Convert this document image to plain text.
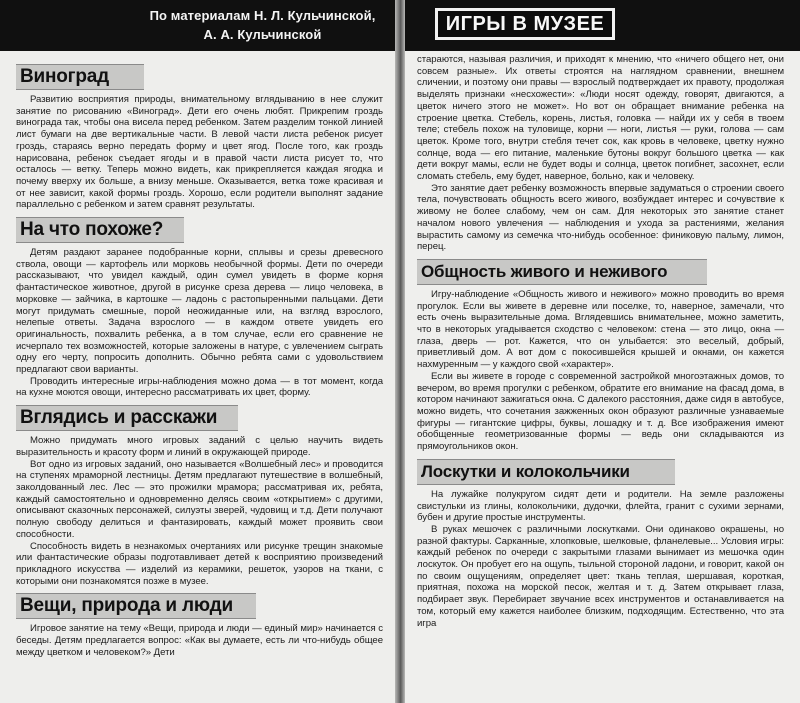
По материалам Н. Л. Кульчинской,
А. А. Кульчинской
Виноград

Развитию восприятия природы, внимательному вглядыванию в нее служит занятие по рисованию «Виноград». Дети его очень любят. Прикрепим гроздь винограда так, чтобы она висела перед ребенком. Затем разделим тонкой линией лист бумаги на две вертикальные части. В левой части листа ребенок рисует гроздь, стараясь верно передать форму и цвет ягод. После того, как гроздь нарисована, ребенок съедает ягоды и в правой части листа рисует то, что осталось — ветку. Теперь можно видеть, как прикрепляется каждая ягодка и почему вверху их больше, а внизу меньше. Оказывается, ветка тоже красивая и от нее зависит, какой формы гроздь. Хорошо, если родители выполнят задание параллельно с ребенком и затем сравнят результаты.

На что похоже?

Детям раздают заранее подобранные корни, сплывы и срезы древесного ствола, овощи — картофель или морковь необычной формы. Дети по очереди рассказывают, что увидел каждый, один сумел увидеть в форме корня фантастическое животное, другой в рисунке среза дерева — лицо человека, в морковке — зайчика, в картошке — ладонь с растопыренными пальцами. Дети могут придумать смешные, порой неожиданные или, на взгляд взрослого, нелепые ответы. Задача взрослого — в каждом ответе увидеть его оригинальность, похвалить ребенка, а в том случае, если его сравнение не исчерпало тех возможностей, которые заложены в натуре, с увлечением сыграть одну его черту, попросить дополнить. Обычно ребята сами с удовольствием предлагают свои варианты.

Проводить интересные игры-наблюдения можно дома — в тот момент, когда на кухне моются овощи, интересно рассматривать их цвет, форму.

Вглядись и расскажи

Можно придумать много игровых заданий с целью научить видеть выразительность и красоту форм и линий в окружающей природе.

Вот одно из игровых заданий, оно называется «Волшебный лес» и проводится на ступенях мраморной лестницы. Детям предлагают путешествие в волшебный, заколдованный лес. Лес — это прожилки мрамора; рассматривая их, ребята, каждый самостоятельно и одновременно делясь своим «открытием» с другими, описывают сказочных персонажей, силуэты зверей, чудовищ и т.д. Дети получают полную свободу делиться и фантазировать, каждый может проявить свои способности.

Способность видеть в незнакомых очертаниях или рисунке трещин знакомые или фантастические образы подготавливает детей к восприятию произведений прикладного искусства — изделий из керамики, решеток, узоров на ткани, с которыми они познакомятся позже в музее.

Вещи, природа и люди

Игровое занятие на тему «Вещи, природа и люди — единый мир» начинается с беседы. Детям предлагается вопрос: «Как вы думаете, есть ли что-нибудь общее между цветком и человеком?» Дети

ИГРЫ В МУЗЕЕ

стараются, называя различия, и приходят к мнению, что «ничего общего нет, они совсем разные». Их ответы строятся на наглядном сравнении, внешнем сличении, и поэтому они правы — взрослый подтверждает их правоту, продолжая выделять признаки «несхожести»: «Люди носят одежду, говорят, двигаются, а цветок ничего этого не может». Но вот он обращает внимание ребенка на строение цветка. Стебель, корень, листья, головка — найди их у себя в твоем теле; стебель похож на туловище, корни — ноги, листья — руки, голова — сам цветок. Кроме того, внутри стебля течет сок, как кровь в человеке, цветку нужно солнце, вода — его питание, маленькие бутоны вокруг большого цветка — как дети вокруг мамы, если не будет воды и солнца, цветок погибнет, засохнет, если сломать стебель, ему будет, наверное, больно, как и человеку.

Это занятие дает ребенку возможность впервые задуматься о строении своего тела, почувствовать общность всего живого, возбуждает интерес и сочувствие к живому не более слабому, чем он сам. Для некоторых это занятие станет началом нового увлечения — наблюдения и ухода за растениями, желания вырастить самому из семечка что-нибудь особенное: финиковую пальму, лимон, перец.

Общность живого и неживого

Игру-наблюдение «Общность живого и неживого» можно проводить во время прогулок. Если вы живете в деревне или поселке, то, наверное, замечали, что есть очень выразительные дома. Вглядевшись внимательнее, можно заметить, что в некоторых угадывается сходство с человеком: стена — это лицо, окна — глаза, дверь — рот. Кажется, что он улыбается: это веселый, добрый, приветливый дом. А вот дом с покосившейся крышей и окнами, он кажется нахмуренным — у каждого свой «характер».

Если вы живете в городе с современной застройкой многоэтажных домов, то вечером, во время прогулки с ребенком, обратите его внимание на фасад дома, в котором начинают зажигаться окна. С далекого расстояния, даже сидя в автобусе, можно видеть, что сочетания зажженных окон образуют различные узнаваемые фигуры — гигантские цифры, буквы, лошадку и т. д. Все изображения имеют обобщенные геометризованные формы — ведь они складываются из прямоугольников окон.

Лоскутки и колокольчики

На лужайке полукругом сидят дети и родители. На земле разложены свистульки из глины, колокольчики, дудочки, флейта, гранит с сухими зернами, бубен и другие простые инструменты.

В руках мешочек с различными лоскутками. Они одинаково окрашены, но разной фактуры. Сарканные, хлопковые, шелковые, фланелевые... Условия игры: каждый ребенок по очереди с закрытыми глазами вынимает из мешочка один лоскуток. Он пробует его на ощупь, тыльной стороной ладони, и говорит, какой он по своим ощущениям, определяет цвет: ткань теплая, шершавая, короткая, приятная, похожа на морской песок, желтая и т. д. Затем открывает глаза, подбирает звук. Перебирает звучание всех инструментов и останавливается на том, который ему кажется наиболее близким, подходящим. Естественно, что эта игра
